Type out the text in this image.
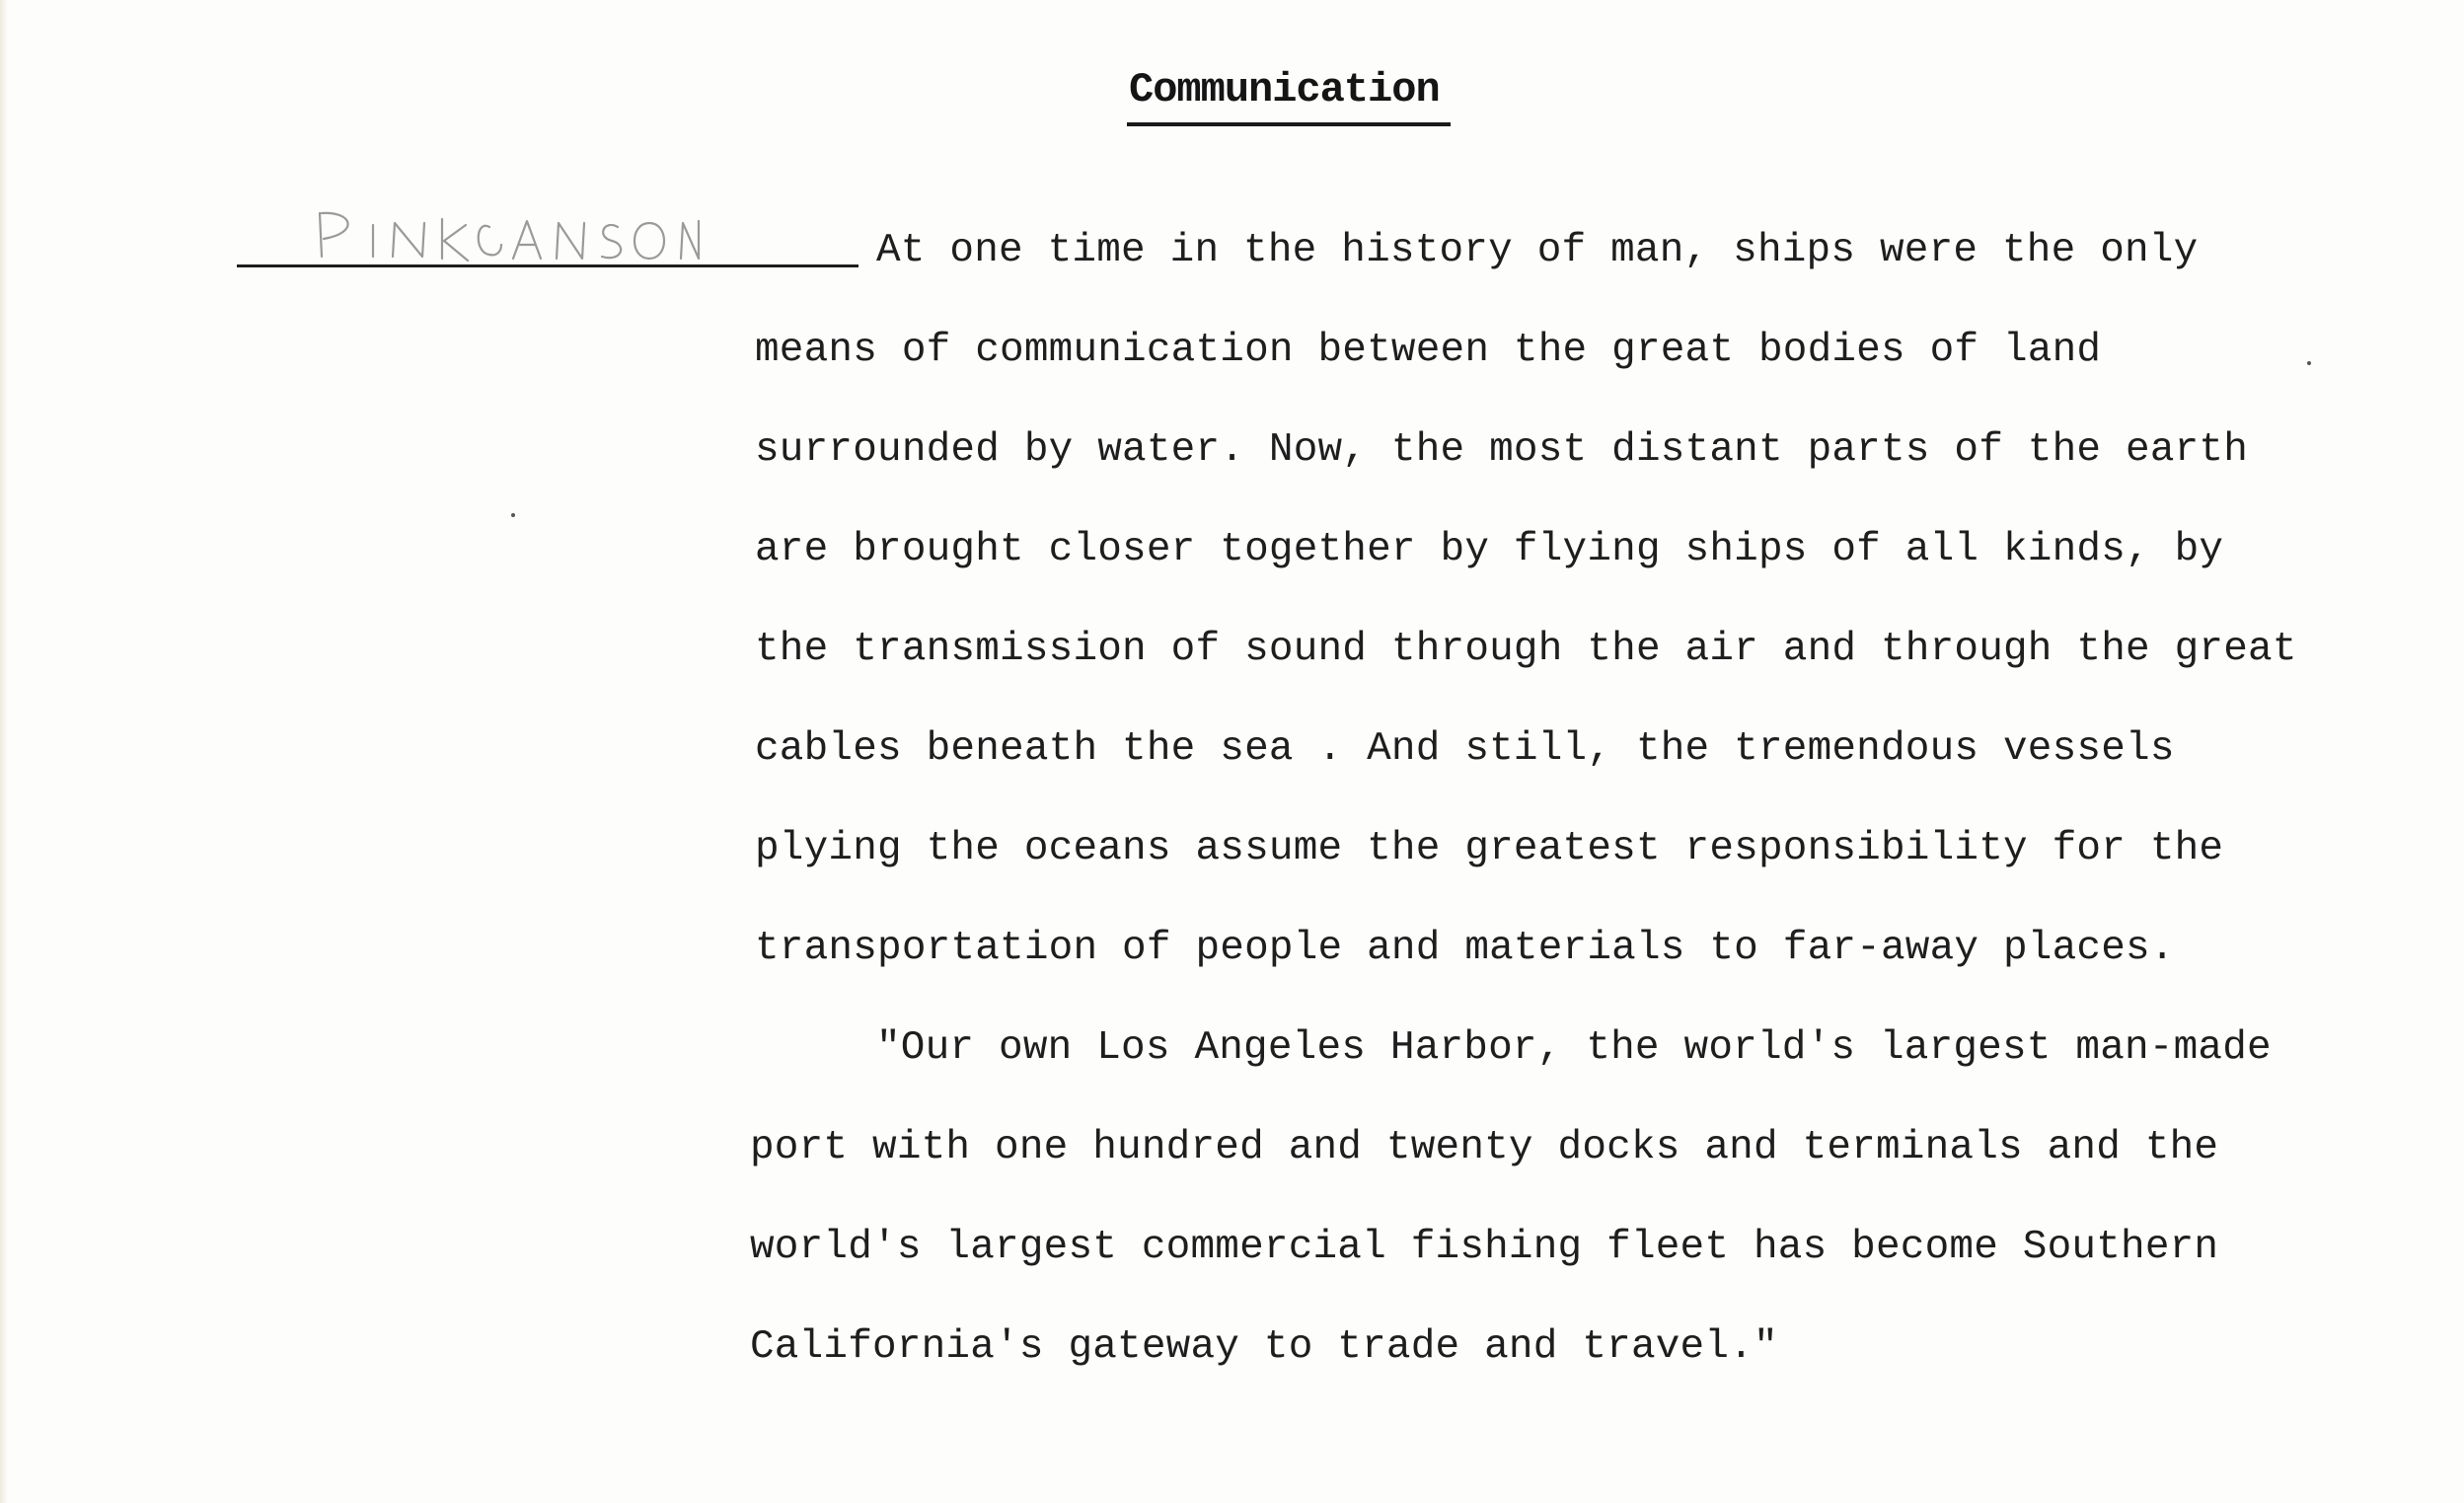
Communication
At one time in the history of man, ships were the only
means of communication between the great bodies of land
surrounded by water. Now, the most distant parts of the earth
are brought closer together by flying ships of all kinds, by
the transmission of sound through the air and through the great
cables beneath the sea . And still, the tremendous vessels
plying the oceans assume the greatest responsibility for the
transportation of people and materials to far-away places.
"Our own Los Angeles Harbor, the world's largest man-made
port with one hundred and twenty docks and terminals and the
world's largest commercial fishing fleet has become Southern
California's gateway to trade and travel."
